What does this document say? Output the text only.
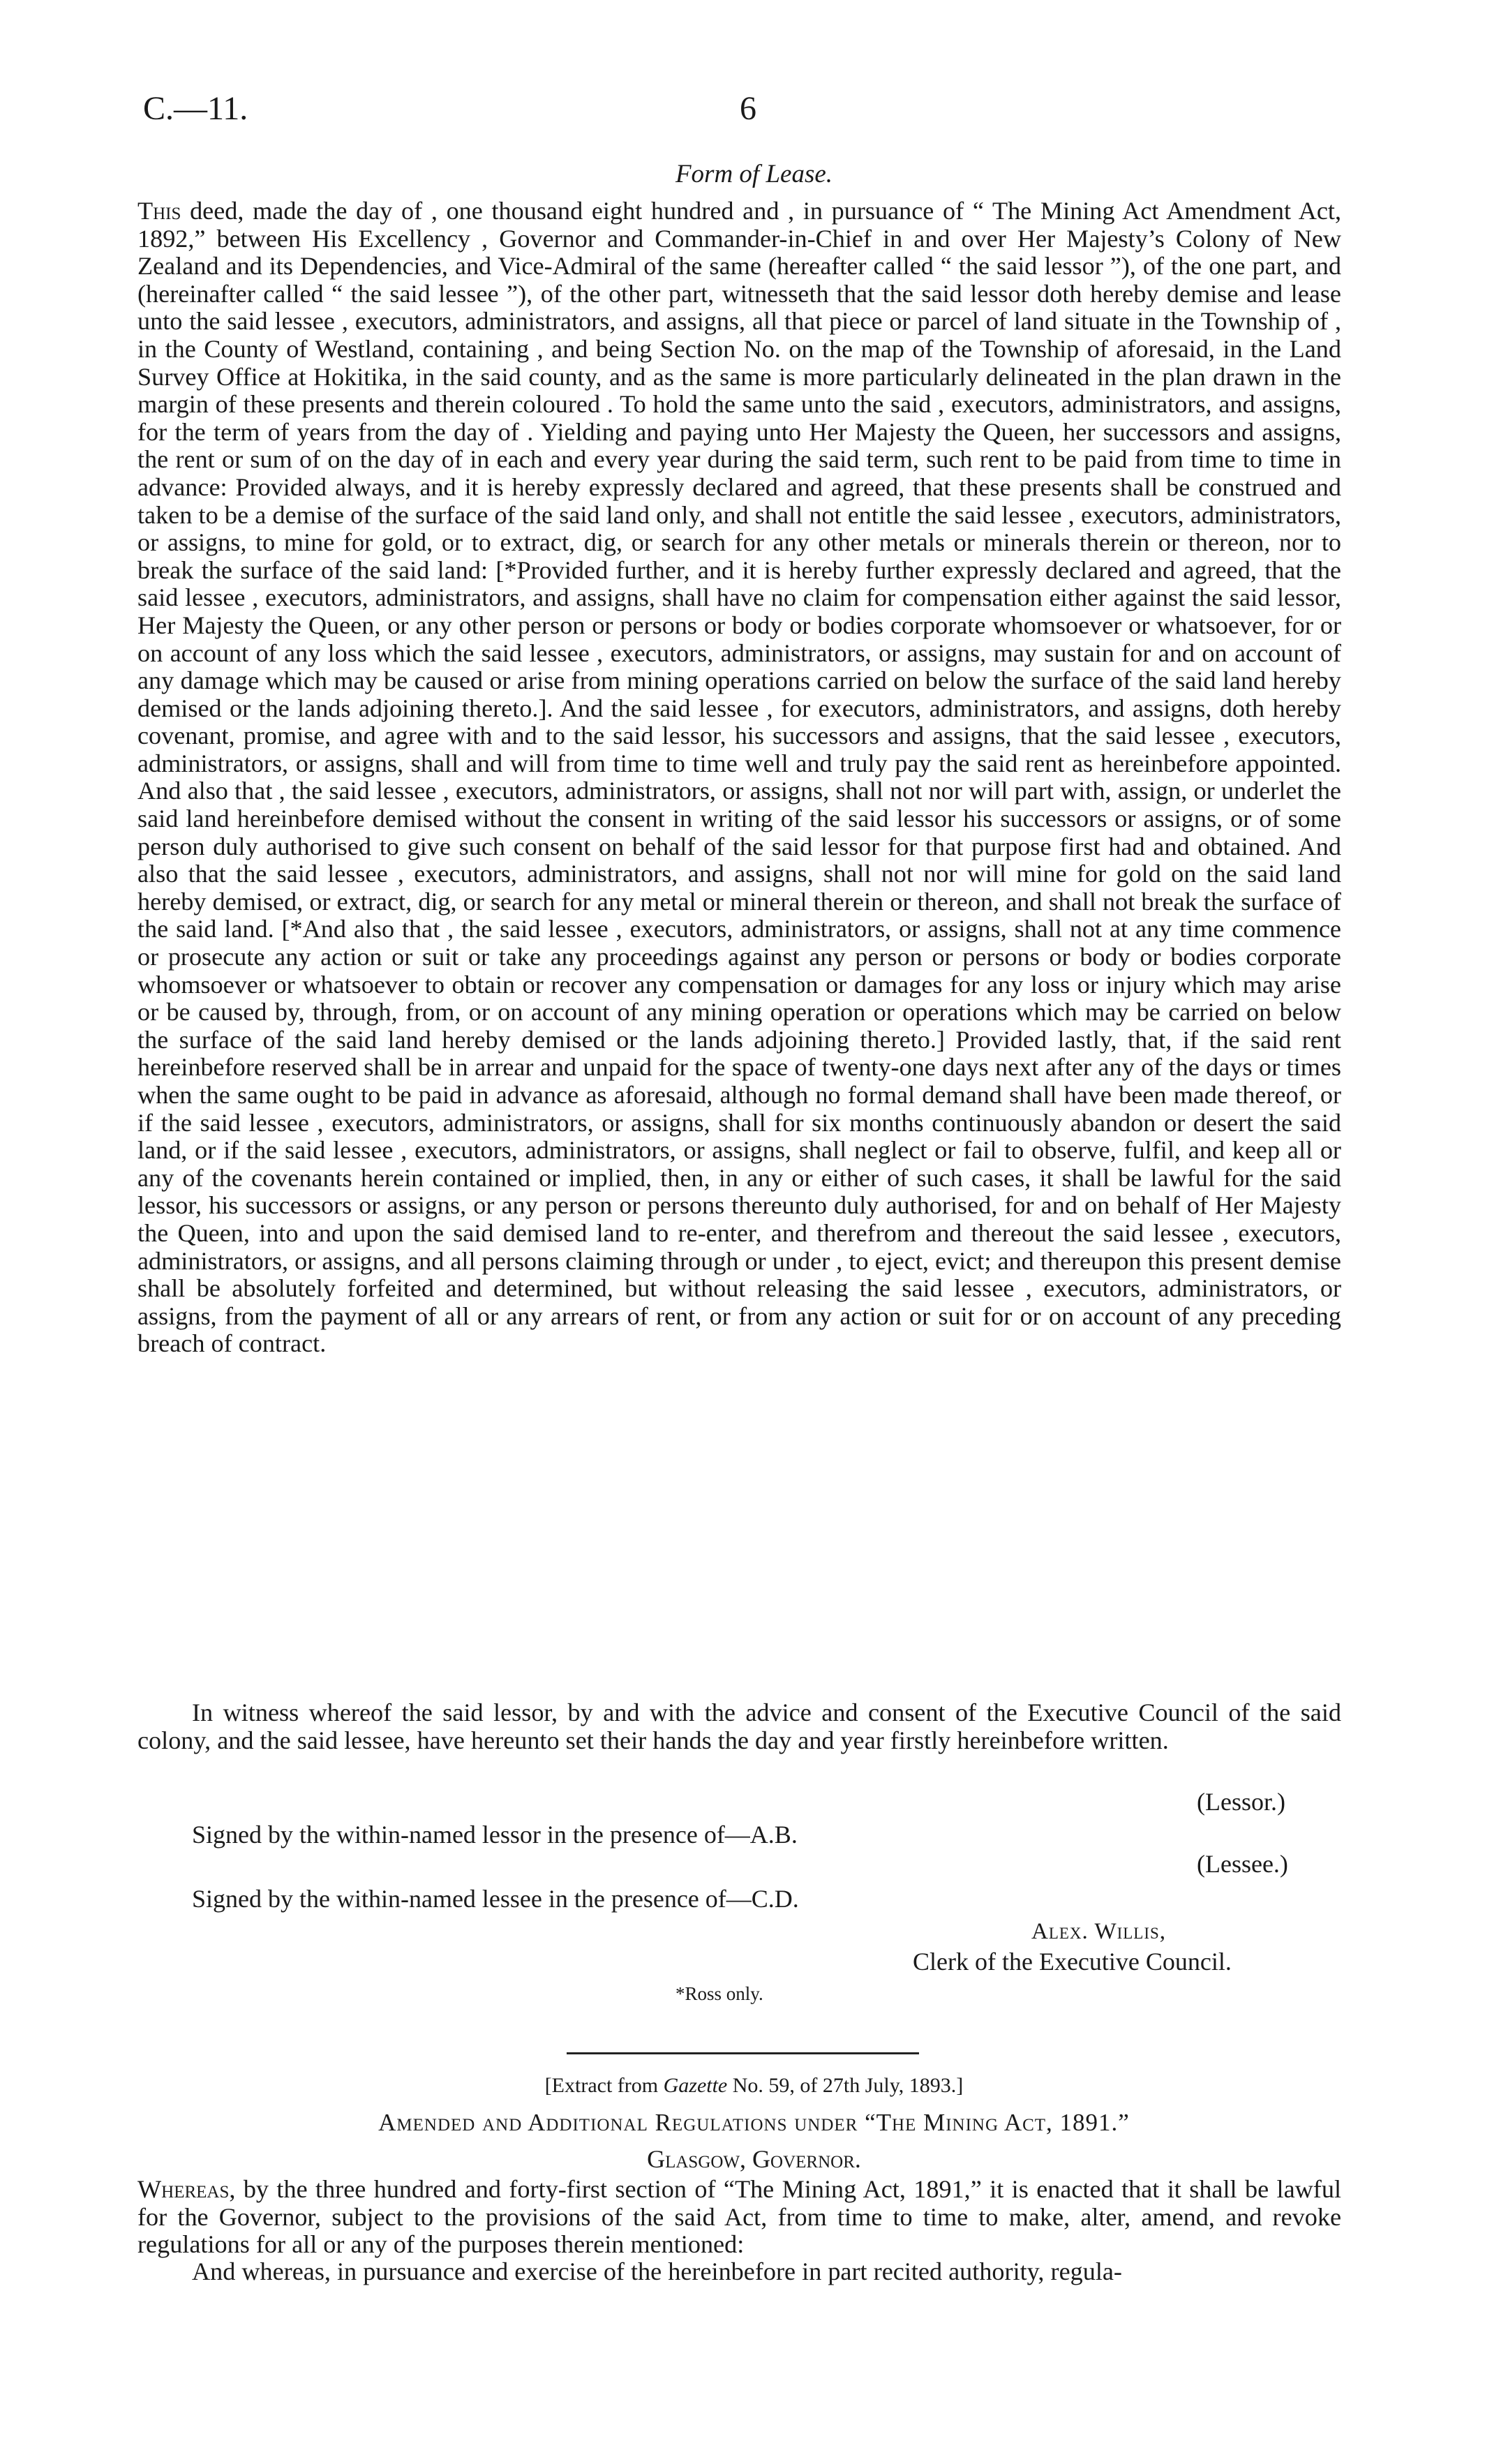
C.—11.	6
Form of Lease.

This deed, made the day of , one thousand eight hundred and , in pursuance of “ The Mining Act Amendment Act, 1892,” between His Excellency , Governor and Commander-in-Chief in and over Her Majesty’s Colony of New Zealand and its Dependencies, and Vice-Admiral of the same (hereafter called “ the said lessor ”), of the one part, and (hereinafter called “ the said lessee ”), of the other part, witnesseth that the said lessor doth hereby demise and lease unto the said lessee , executors, administrators, and assigns, all that piece or parcel of land situate in the Township of , in the County of Westland, containing , and being Section No. on the map of the Township of aforesaid, in the Land Survey Office at Hokitika, in the said county, and as the same is more particularly delineated in the plan drawn in the margin of these presents and therein coloured . To hold the same unto the said , executors, administrators, and assigns, for the term of years from the day of . Yielding and paying unto Her Majesty the Queen, her successors and assigns, the rent or sum of on the day of in each and every year during the said term, such rent to be paid from time to time in advance: Provided always, and it is hereby expressly declared and agreed, that these presents shall be construed and taken to be a demise of the surface of the said land only, and shall not entitle the said lessee , executors, administrators, or assigns, to mine for gold, or to extract, dig, or search for any other metals or minerals therein or thereon, nor to break the surface of the said land: [*Provided further, and it is hereby further expressly declared and agreed, that the said lessee , executors, administrators, and assigns, shall have no claim for compensation either against the said lessor, Her Majesty the Queen, or any other person or persons or body or bodies corporate whomsoever or whatsoever, for or on account of any loss which the said lessee , executors, administrators, or assigns, may sustain for and on account of any damage which may be caused or arise from mining operations carried on below the surface of the said land hereby demised or the lands adjoining thereto.]. And the said lessee , for executors, administrators, and assigns, doth hereby covenant, promise, and agree with and to the said lessor, his successors and assigns, that the said lessee , executors, administrators, or assigns, shall and will from time to time well and truly pay the said rent as hereinbefore appointed. And also that , the said lessee , executors, administrators, or assigns, shall not nor will part with, assign, or underlet the said land hereinbefore demised without the consent in writing of the said lessor his successors or assigns, or of some person duly authorised to give such consent on behalf of the said lessor for that purpose first had and obtained. And also that the said lessee , executors, administrators, and assigns, shall not nor will mine for gold on the said land hereby demised, or extract, dig, or search for any metal or mineral therein or thereon, and shall not break the surface of the said land. [*And also that , the said lessee , executors, administrators, or assigns, shall not at any time commence or prosecute any action or suit or take any proceedings against any person or persons or body or bodies corporate whomsoever or whatsoever to obtain or recover any compensation or damages for any loss or injury which may arise or be caused by, through, from, or on account of any mining operation or operations which may be carried on below the surface of the said land hereby demised or the lands adjoining thereto.] Provided lastly, that, if the said rent hereinbefore reserved shall be in arrear and unpaid for the space of twenty-one days next after any of the days or times when the same ought to be paid in advance as aforesaid, although no formal demand shall have been made thereof, or if the said lessee , executors, administrators, or assigns, shall for six months continuously abandon or desert the said land, or if the said lessee , executors, administrators, or assigns, shall neglect or fail to observe, fulfil, and keep all or any of the covenants herein contained or implied, then, in any or either of such cases, it shall be lawful for the said lessor, his successors or assigns, or any person or persons thereunto duly authorised, for and on behalf of Her Majesty the Queen, into and upon the said demised land to re-enter, and therefrom and thereout the said lessee , executors, administrators, or assigns, and all persons claiming through or under , to eject, evict; and thereupon this present demise shall be absolutely forfeited and determined, but without releasing the said lessee , executors, administrators, or assigns, from the payment of all or any arrears of rent, or from any action or suit for or on account of any preceding breach of contract.

In witness whereof the said lessor, by and with the advice and consent of the Executive Council of the said colony, and the said lessee, have hereunto set their hands the day and year firstly hereinbefore written.

(Lessor.)
Signed by the within-named lessor in the presence of—A.B.
(Lessee.)
Signed by the within-named lessee in the presence of—C.D.
Alex. Willis,
Clerk of the Executive Council.
*Ross only.
[Extract from Gazette No. 59, of 27th July, 1893.]
Amended and Additional Regulations under “The Mining Act, 1891.”
Glasgow, Governor.

Whereas, by the three hundred and forty-first section of “The Mining Act, 1891,” it is enacted that it shall be lawful for the Governor, subject to the provisions of the said Act, from time to time to make, alter, amend, and revoke regulations for all or any of the purposes therein mentioned:

And whereas, in pursuance and exercise of the hereinbefore in part recited authority, regula-
